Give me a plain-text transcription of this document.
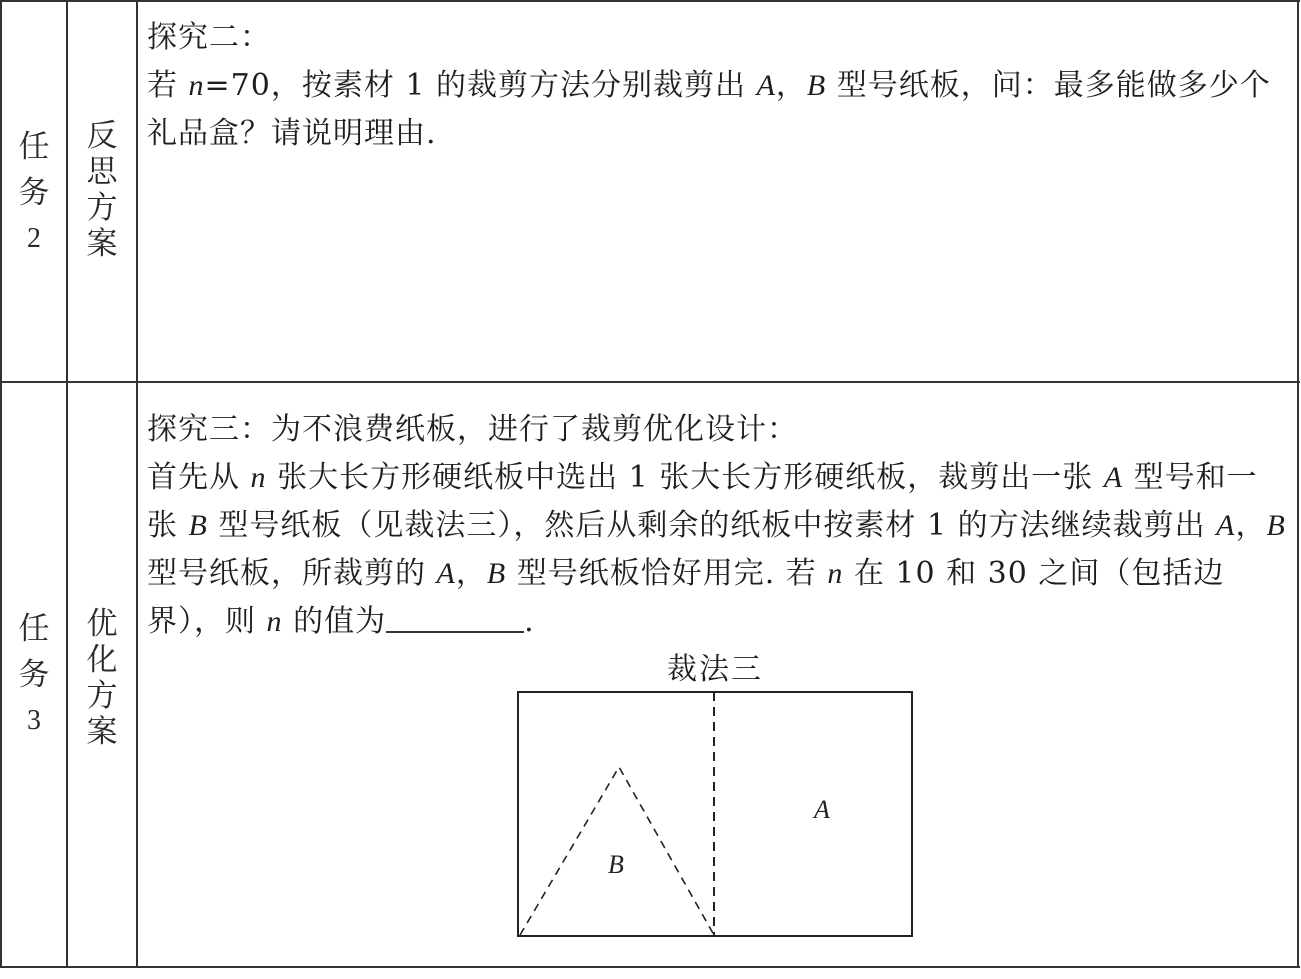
任
务
2
反
思
方
案

探究二：

若 n=70，按素材 1 的裁剪方法分别裁剪出 A，B 型号纸板，问：最多能做多少个礼品盒？请说明理由.

任
务
3
优
化
方
案

探究三：为不浪费纸板，进行了裁剪优化设计：

首先从 n 张大长方形硬纸板中选出 1 张大长方形硬纸板，裁剪出一张 A 型号和一张 B 型号纸板（见裁法三），然后从剩余的纸板中按素材 1 的方法继续裁剪出 A，B 型号纸板，所裁剪的 A，B 型号纸板恰好用完. 若 n 在 10 和 30 之间（包括边界），则 n 的值为	.

裁法三
B
A
